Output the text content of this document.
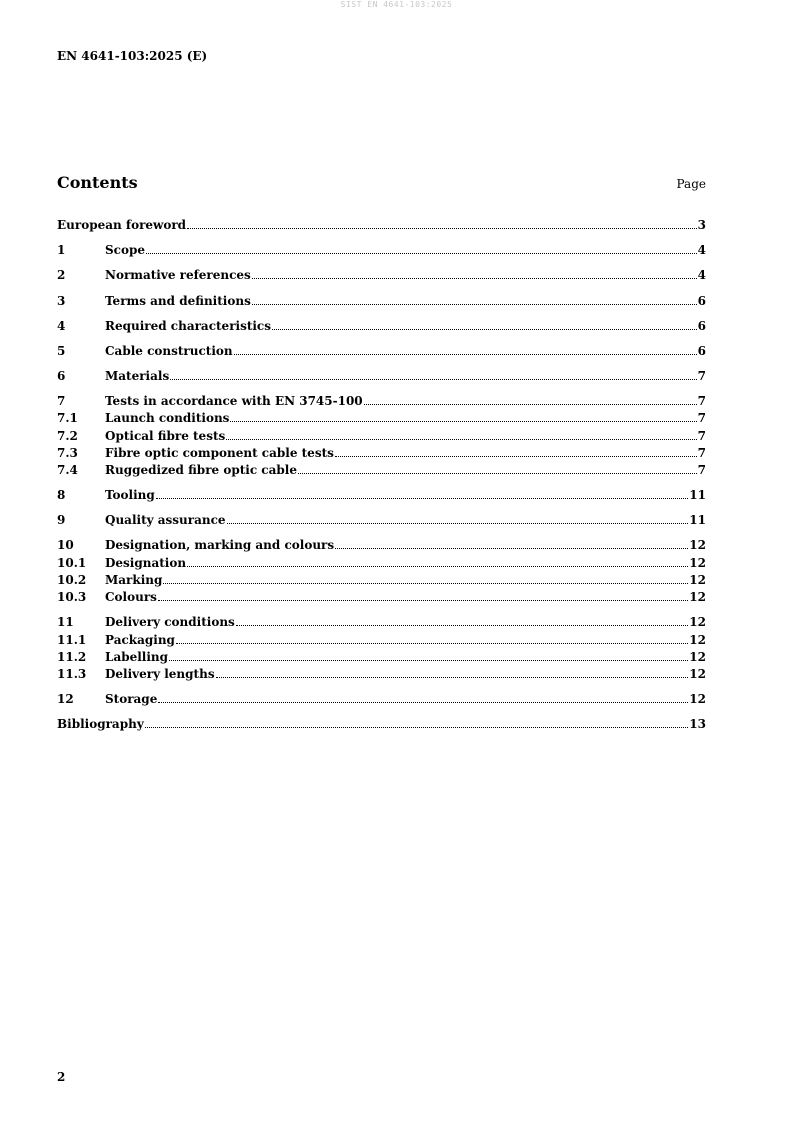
SIST EN 4641-103:2025
EN 4641-103:2025 (E)
Contents	Page
European foreword	3
1	Scope	4
2	Normative references	4
3	Terms and definitions	6
4	Required characteristics	6
5	Cable construction	6
6	Materials	7
7	Tests in accordance with EN 3745-100	7
7.1	Launch conditions	7
7.2	Optical fibre tests	7
7.3	Fibre optic component cable tests	7
7.4	Ruggedized fibre optic cable	7
8	Tooling	11
9	Quality assurance	11
10	Designation, marking and colours	12
10.1	Designation	12
10.2	Marking	12
10.3	Colours	12
11	Delivery conditions	12
11.1	Packaging	12
11.2	Labelling	12
11.3	Delivery lengths	12
12	Storage	12
Bibliography	13
2
